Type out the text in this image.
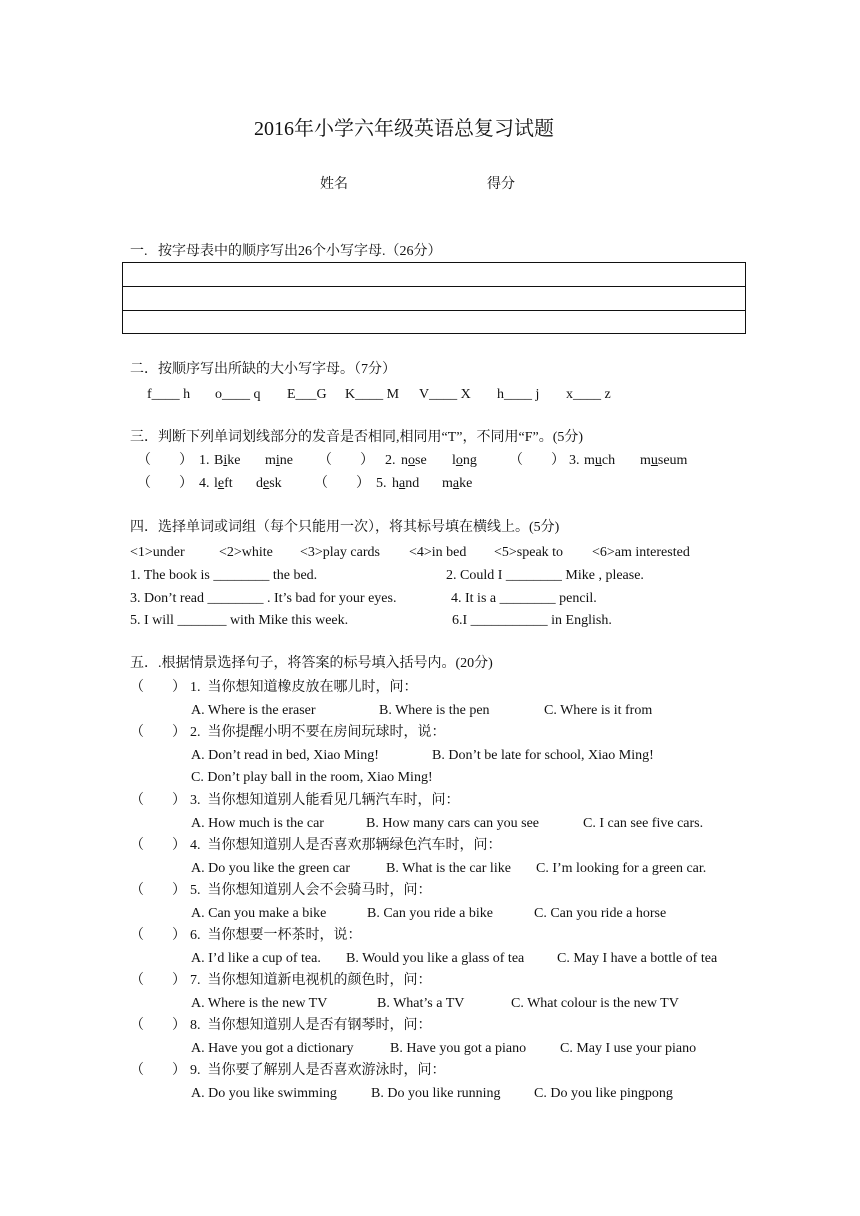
2016年小学六年级英语总复习试题
姓名	得分
一.   按字母表中的顺序写出26个小写字母.（26分）
二．按顺序写出所缺的大小写字母。（7分）
f____ h o____ q E___G K____ M V____ X h____ j x____ z
三．判断下列单词划线部分的发音是否相同,相同用“T”，不同用“F”。(5分)
（        ） 1. Bike mine （        ） 2. nose long （        ） 3. much museum
（        ） 4. left desk （        ） 5. hand make
四．选择单词或词组（每个只能用一次），将其标号填在横线上。(5分)
<1>under <2>white <3>play cards <4>in bed <5>speak to <6>am interested
1. The book is ________ the bed.	2. Could I ________ Mike , please.
3. Don’t read ________ . It’s bad for your eyes.	4. It is a ________ pencil.
5. I will _______ with Mike this week.	6.I ___________ in English.
五．.根据情景选择句子，将答案的标号填入括号内。(20分)
（        ） 1.  当你想知道橡皮放在哪儿时，问：
A. Where is the eraser	B. Where is the pen	C. Where is it from
（        ） 2.  当你提醒小明不要在房间玩球时，说：
A. Don’t read in bed, Xiao Ming!	B. Don’t be late for school, Xiao Ming!
C. Don’t play ball in the room, Xiao Ming!
（        ） 3.  当你想知道别人能看见几辆汽车时，问：
A. How much is the car	B. How many cars can you see	C. I can see five cars.
（        ） 4.  当你想知道别人是否喜欢那辆绿色汽车时，问：
A. Do you like the green car	B. What is the car like C. I’m looking for a green car.
（        ） 5.  当你想知道别人会不会骑马时，问：
A. Can you make a bike	B. Can you ride a bike	C. Can you ride a horse
（        ） 6.  当你想要一杯茶时，说：
A. I’d like a cup of tea. B. Would you like a glass of tea C. May I have a bottle of tea
（        ） 7.  当你想知道新电视机的颜色时，问：
A. Where is the new TV	B. What’s a TV	C. What colour is the new TV
（        ） 8.  当你想知道别人是否有钢琴时，问：
A. Have you got a dictionary	B. Have you got a piano C. May I use your piano
（        ） 9.  当你要了解别人是否喜欢游泳时，问：
A. Do you like swimming B. Do you like running C. Do you like pingpong
